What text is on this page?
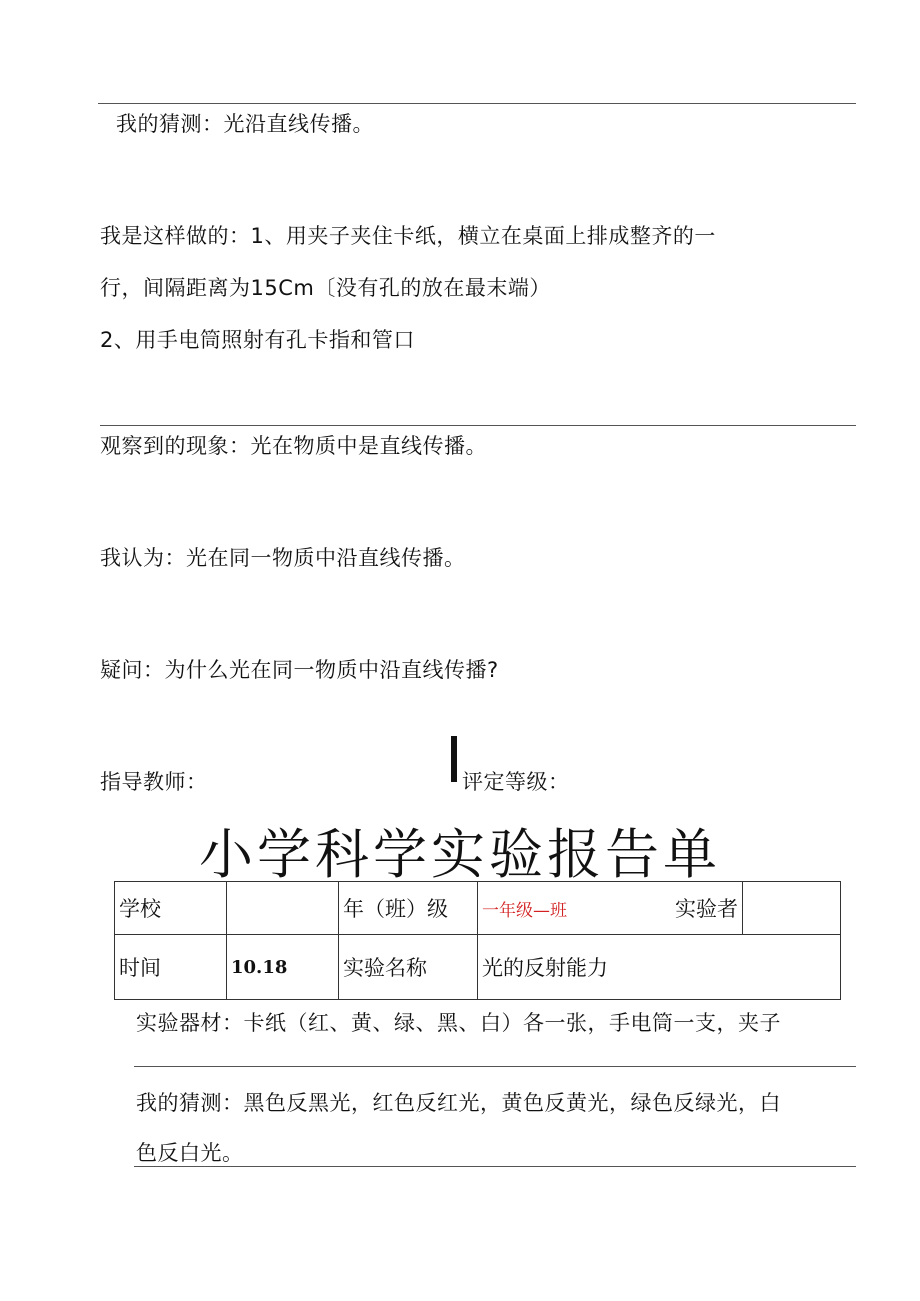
我的猜测：光沿直线传播。
我是这样做的：1、用夹子夹住卡纸，横立在桌面上排成整齐的一
行，间隔距离为15Cm〔没有孔的放在最末端）
2、用手电筒照射有孔卡指和管口
观察到的现象：光在物质中是直线传播。
我认为：光在同一物质中沿直线传播。
疑问：为什么光在同一物质中沿直线传播?
指导教师：	评定等级：
小学科学实验报告单
学校		年（班）级	一年级—班	实验者	
时间	10.18	实验名称	光的反射能力		
实验器材：卡纸（红、黄、绿、黑、白）各一张，手电筒一支，夹子
我的猜测：黑色反黑光，红色反红光，黄色反黄光，绿色反绿光，白
色反白光。
